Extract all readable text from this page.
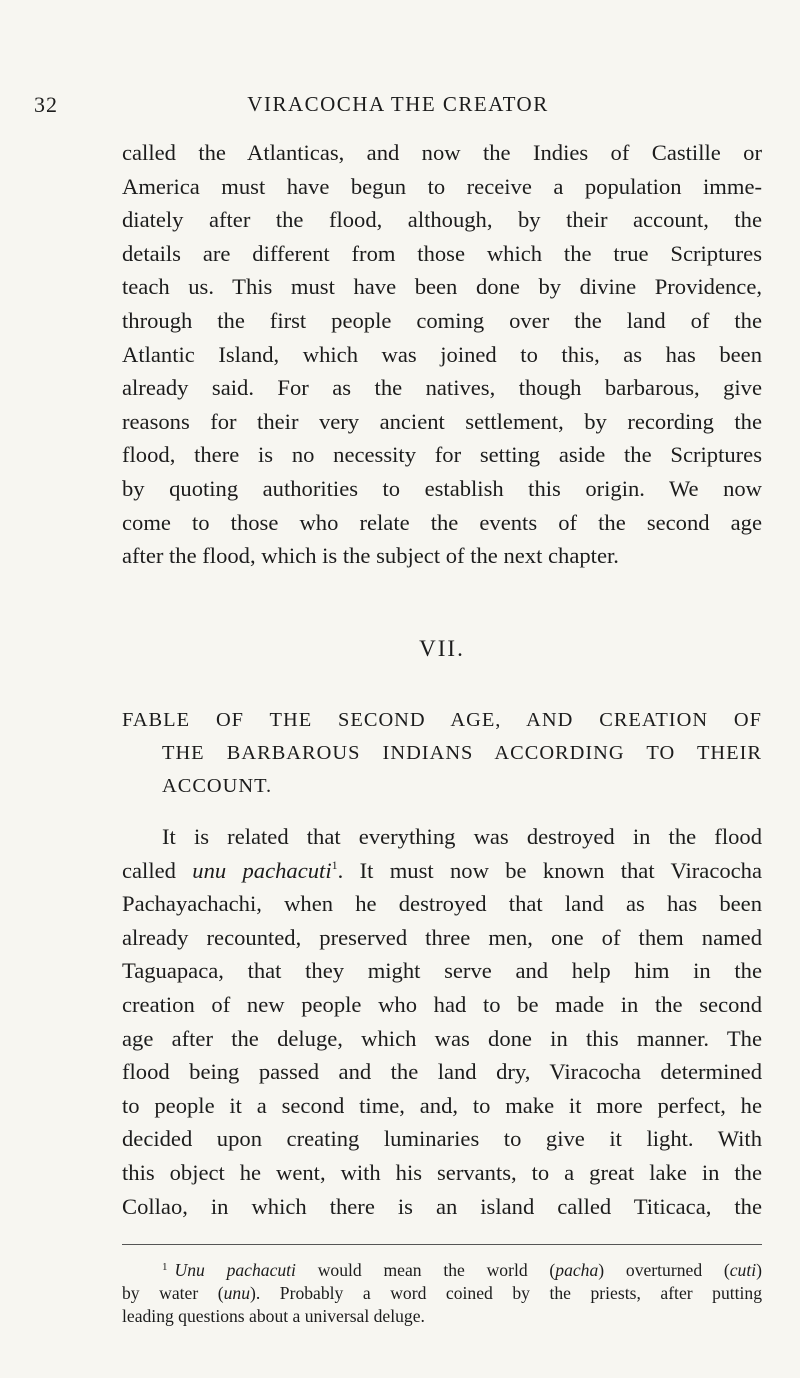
32	VIRACOCHA THE CREATOR
called the Atlanticas, and now the Indies of Castille or
America must have begun to receive a population imme-
diately after the flood, although, by their account, the
details are different from those which the true Scriptures
teach us. This must have been done by divine Providence,
through the first people coming over the land of the
Atlantic Island, which was joined to this, as has been
already said. For as the natives, though barbarous, give
reasons for their very ancient settlement, by recording the
flood, there is no necessity for setting aside the Scriptures
by quoting authorities to establish this origin. We now
come to those who relate the events of the second age
after the flood, which is the subject of the next chapter.
VII.
FABLE OF THE SECOND AGE, AND CREATION OF
THE BARBAROUS INDIANS ACCORDING TO THEIR
ACCOUNT.
It is related that everything was destroyed in the flood
called unu pachacuti$^1$. It must now be known that Viracocha
Pachayachachi, when he destroyed that land as has been
already recounted, preserved three men, one of them named
Taguapaca, that they might serve and help him in the
creation of new people who had to be made in the second
age after the deluge, which was done in this manner. The
flood being passed and the land dry, Viracocha determined
to people it a second time, and, to make it more perfect, he
decided upon creating luminaries to give it light. With
this object he went, with his servants, to a great lake in the
Collao, in which there is an island called Titicaca, the
$^1$ Unu pachacuti would mean the world (pacha) overturned (cuti)
by water (unu). Probably a word coined by the priests, after putting
leading questions about a universal deluge.
